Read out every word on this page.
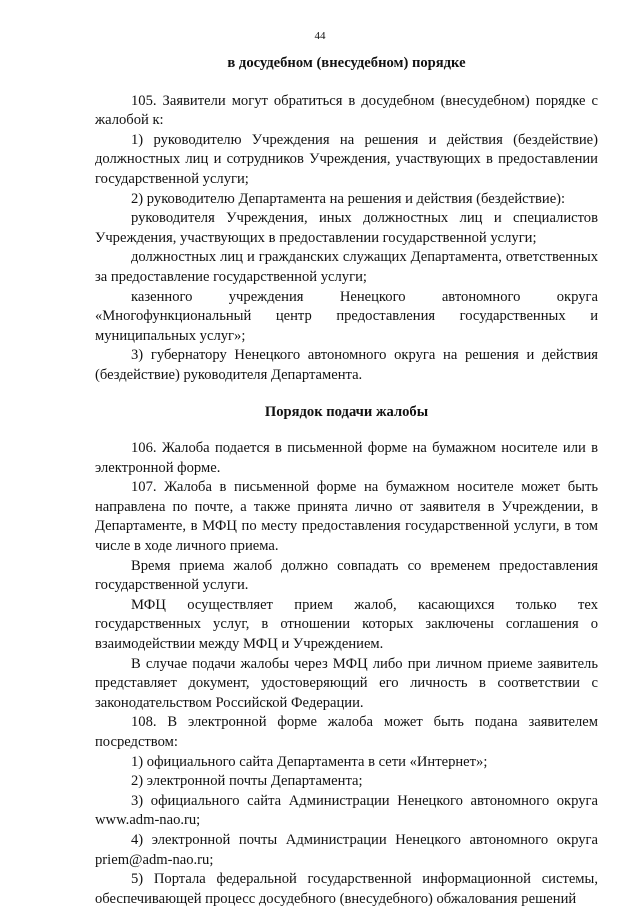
44
в досудебном (внесудебном) порядке

105. Заявители могут обратиться в досудебном (внесудебном) порядке с жалобой к:

1) руководителю Учреждения на решения и действия (бездействие) должностных лиц и сотрудников Учреждения, участвующих в предоставлении государственной услуги;

2) руководителю Департамента на решения и действия (бездействие):

руководителя Учреждения, иных должностных лиц и специалистов Учреждения, участвующих в предоставлении государственной услуги;

должностных лиц и гражданских служащих Департамента, ответственных за предоставление государственной услуги;

казенного учреждения Ненецкого автономного округа «Многофункциональный центр предоставления государственных и муниципальных услуг»;

3) губернатору Ненецкого автономного округа на решения и действия (бездействие) руководителя Департамента.

Порядок подачи жалобы

106. Жалоба подается в письменной форме на бумажном носителе или в электронной форме.

107. Жалоба в письменной форме на бумажном носителе может быть направлена по почте, а также принята лично от заявителя в Учреждении, в Департаменте, в МФЦ по месту предоставления государственной услуги, в том числе в ходе личного приема.

Время приема жалоб должно совпадать со временем предоставления государственной услуги.

МФЦ осуществляет прием жалоб, касающихся только тех государственных услуг, в отношении которых заключены соглашения о взаимодействии между МФЦ и Учреждением.

В случае подачи жалобы через МФЦ либо при личном приеме заявитель представляет документ, удостоверяющий его личность в соответствии с законодательством Российской Федерации.

108. В электронной форме жалоба может быть подана заявителем посредством:

1) официального сайта Департамента в сети «Интернет»;

2) электронной почты Департамента;

3) официального сайта Администрации Ненецкого автономного округа www.adm-nao.ru;

4) электронной почты Администрации Ненецкого автономного округа priem@adm-nao.ru;

5) Портала федеральной государственной информационной системы, обеспечивающей процесс досудебного (внесудебного) обжалования решений
